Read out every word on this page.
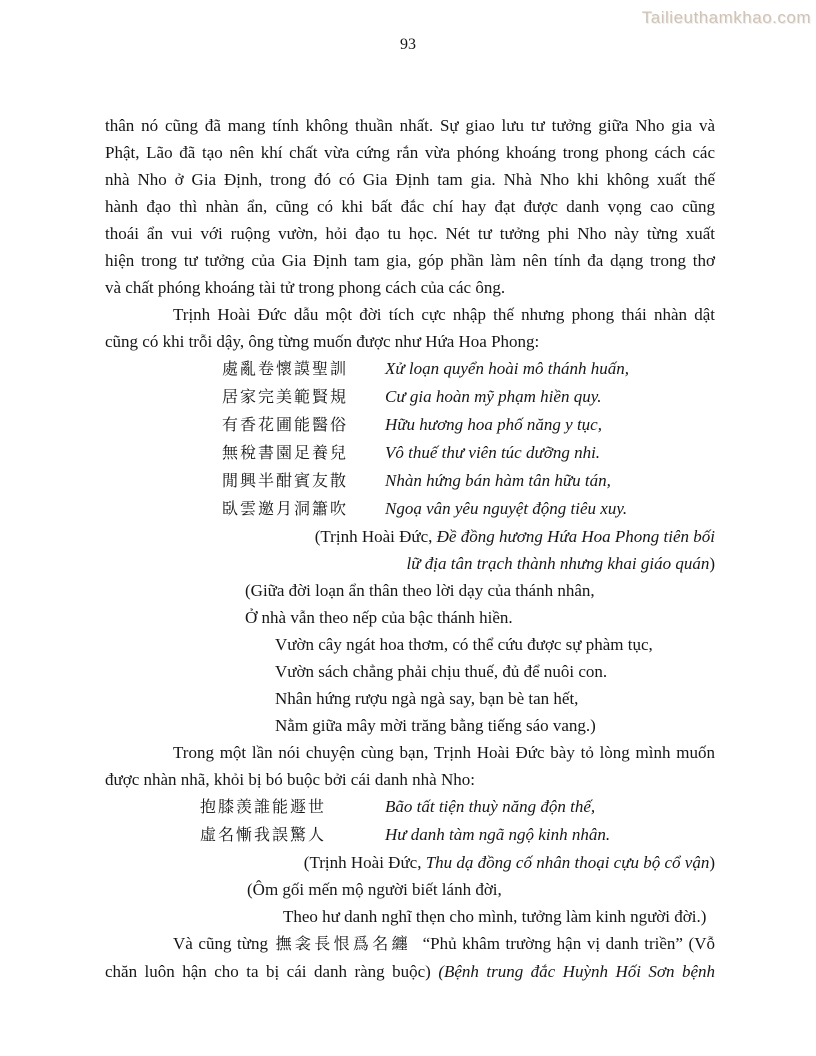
Tailieuthamkhao.com
93
thân nó cũng đã mang tính không thuần nhất. Sự giao lưu tư tưởng giữa Nho gia và
Phật, Lão đã tạo nên khí chất vừa cứng rắn vừa phóng khoáng trong phong cách các
nhà Nho ở Gia Định, trong đó có Gia Định tam gia. Nhà Nho khi không xuất thế
hành đạo thì nhàn ẩn, cũng có khi bất đắc chí hay đạt được danh vọng cao cũng
thoái ẩn vui với ruộng vườn, hỏi đạo tu học. Nét tư tưởng phi Nho này từng xuất
hiện trong tư tưởng của Gia Định tam gia, góp phần làm nên tính đa dạng trong thơ
và chất phóng khoáng tài tử trong phong cách của các ông.
Trịnh Hoài Đức dẫu một đời tích cực nhập thế nhưng phong thái nhàn dật
cũng có khi trỗi dậy, ông từng muốn được như Hứa Hoa Phong:
處亂卷懷謨聖訓	Xử loạn quyển hoài mô thánh huấn,
居家完美範賢規	Cư gia hoàn mỹ phạm hiền quy.
有香花圃能醫俗	Hữu hương hoa phố năng y tục,
無稅書園足養兒	Vô thuế thư viên túc dưỡng nhi.
閒興半酣賓友散	Nhàn hứng bán hàm tân hữu tán,
臥雲邀月洞簫吹	Ngoạ vân yêu nguyệt động tiêu xuy.
(Trịnh Hoài Đức, Đề đồng hương Hứa Hoa Phong tiên bối
lữ địa tân trạch thành nhưng khai giáo quán)
(Giữa đời loạn ẩn thân theo lời dạy của thánh nhân,
Ở nhà vẫn theo nếp của bậc thánh hiền.
Vườn cây ngát hoa thơm, có thể cứu được sự phàm tục,
Vườn sách chẳng phải chịu thuế, đủ để nuôi con.
Nhân hứng rượu ngà ngà say, bạn bè tan hết,
Nằm giữa mây mời trăng bằng tiếng sáo vang.)
Trong một lần nói chuyện cùng bạn, Trịnh Hoài Đức bày tỏ lòng mình muốn
được nhàn nhã, khỏi bị bó buộc bởi cái danh nhà Nho:
抱膝羡誰能遯世	Bão tất tiện thuỳ năng độn thế,
虛名慚我誤驚人	Hư danh tàm ngã ngộ kinh nhân.
(Trịnh Hoài Đức, Thu dạ đồng cố nhân thoại cựu bộ cổ vận)
(Ôm gối mến mộ người biết lánh đời,
Theo hư danh nghĩ thẹn cho mình, tưởng làm kinh người đời.)
Và cũng từng 撫衾長恨爲名纏 “Phủ khâm trường hận vị danh triền” (Vỗ
chăn luôn hận cho ta bị cái danh ràng buộc) (Bệnh trung đắc Huỳnh Hối Sơn bệnh
